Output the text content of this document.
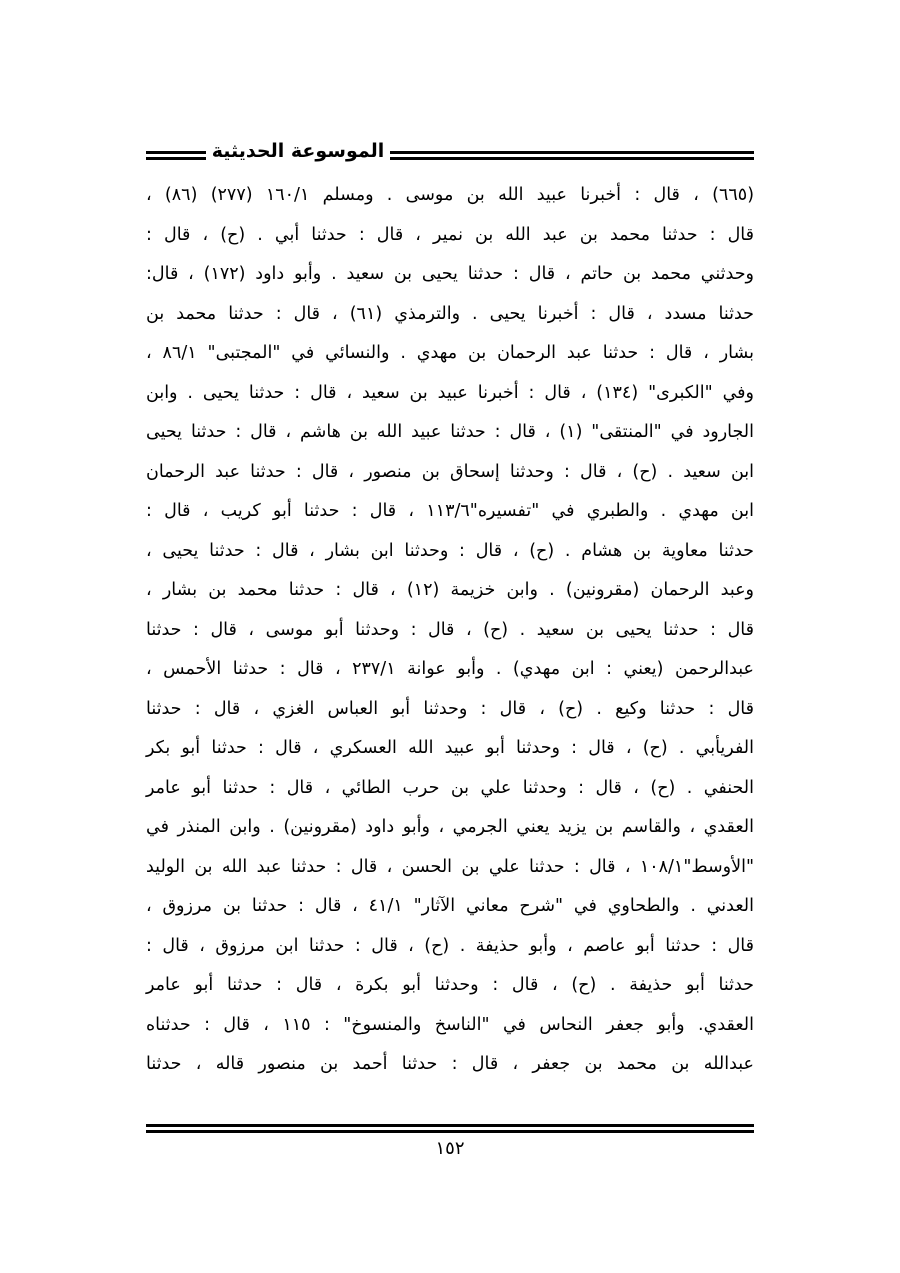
الموسوعة الحديثية
(٦٦٥) ، قال : أخبرنا عبيد الله بن موسى . ومسلم ١٦٠/١ (٢٧٧) (٨٦) ،
قال : حدثنا محمد بن عبد الله بن نمير ، قال : حدثنا أبي . (ح) ، قال :
وحدثني محمد بن حاتم ، قال : حدثنا يحيى بن سعيد . وأبو داود (١٧٢) ، قال:
حدثنا مسدد ، قال : أخبرنا يحيى . والترمذي (٦١) ، قال : حدثنا محمد بن
بشار ، قال : حدثنا عبد الرحمان بن مهدي . والنسائي في "المجتبى" ٨٦/١ ،
وفي "الكبرى" (١٣٤) ، قال : أخبرنا عبيد بن سعيد ، قال : حدثنا يحيى . وابن
الجارود في "المنتقى" (١) ، قال : حدثنا عبيد الله بن هاشم ، قال : حدثنا يحيى
ابن سعيد . (ح) ، قال : وحدثنا إسحاق بن منصور ، قال : حدثنا عبد الرحمان
ابن مهدي . والطبري في "تفسيره"١١٣/٦ ، قال : حدثنا أبو كريب ، قال :
حدثنا معاوية بن هشام . (ح) ، قال : وحدثنا ابن بشار ، قال : حدثنا يحيى ،
وعبد الرحمان (مقرونين) . وابن خزيمة (١٢) ، قال : حدثنا محمد بن بشار ،
قال : حدثنا يحيى بن سعيد . (ح) ، قال : وحدثنا أبو موسى ، قال : حدثنا
عبدالرحمن (يعني : ابن مهدي) . وأبو عوانة ٢٣٧/١ ، قال : حدثنا الأحمس ،
قال : حدثنا وكيع . (ح) ، قال : وحدثنا أبو العباس الغزي ، قال : حدثنا
الفريأبي . (ح) ، قال : وحدثنا أبو عبيد الله العسكري ، قال : حدثنا أبو بكر
الحنفي . (ح) ، قال : وحدثنا علي بن حرب الطائي ، قال : حدثنا أبو عامر
العقدي ، والقاسم بن يزيد يعني الجرمي ، وأبو داود (مقرونين) . وابن المنذر في
"الأوسط"١٠٨/١ ، قال : حدثنا علي بن الحسن ، قال : حدثنا عبد الله بن الوليد
العدني . والطحاوي في "شرح معاني الآثار" ٤١/١ ، قال : حدثنا بن مرزوق ،
قال : حدثنا أبو عاصم ، وأبو حذيفة . (ح) ، قال : حدثنا ابن مرزوق ، قال :
حدثنا أبو حذيفة . (ح) ، قال : وحدثنا أبو بكرة ، قال : حدثنا أبو عامر
العقدي. وأبو جعفر النحاس في "الناسخ والمنسوخ" : ١١٥ ، قال : حدثناه
عبدالله بن محمد بن جعفر ، قال : حدثنا أحمد بن منصور قاله ، حدثنا
١٥٢
